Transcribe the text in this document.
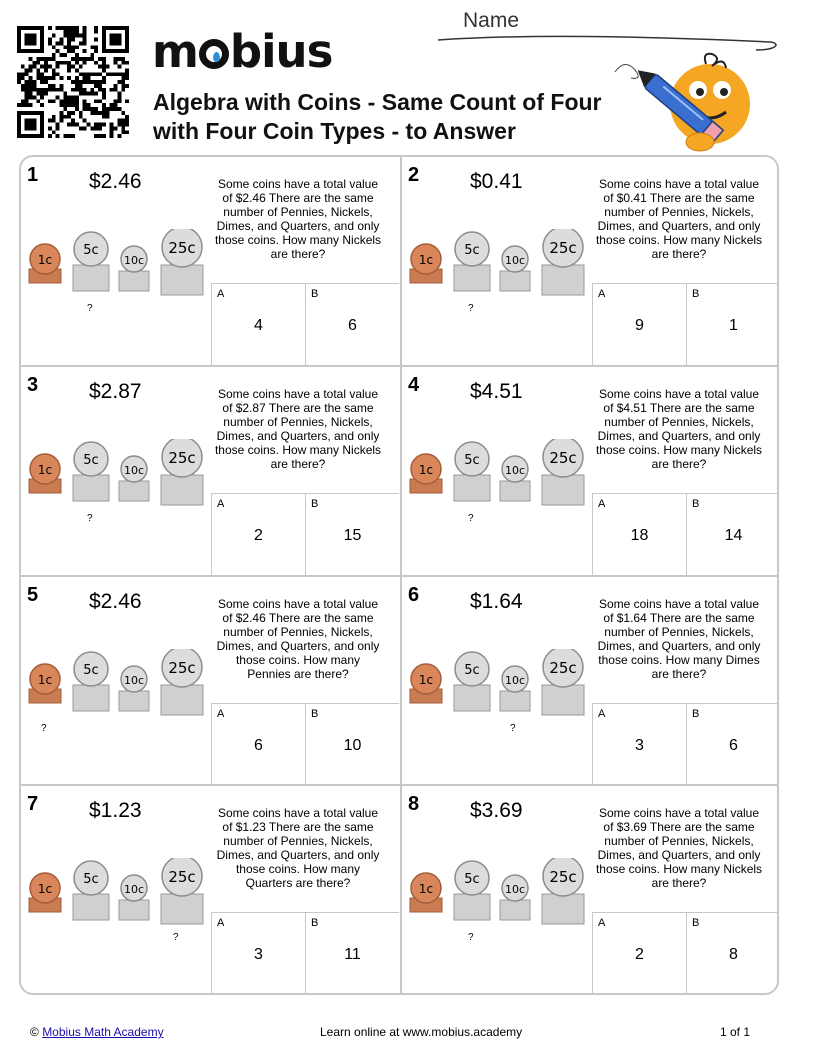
m bius
Algebra with Coins - Same Count of Four
with Four Coin Types - to Answer
Name
1 $2.46	Some coins have a total value of $2.46 There are the same number of Pennies, Nickels, Dimes, and Quarters, and only those coins. How many Nickels are there?
1c
5c
10c
25c
?
A
4
B
6
2 $0.41	Some coins have a total value of $0.41 There are the same number of Pennies, Nickels, Dimes, and Quarters, and only those coins. How many Nickels are there?
1c
5c
10c
25c
?
A
9
B
1
3 $2.87	Some coins have a total value of $2.87 There are the same number of Pennies, Nickels, Dimes, and Quarters, and only those coins. How many Nickels are there?
1c
5c
10c
25c
?
A
2
B
15
4 $4.51	Some coins have a total value of $4.51 There are the same number of Pennies, Nickels, Dimes, and Quarters, and only those coins. How many Nickels are there?
1c
5c
10c
25c
?
A
18
B
14
5 $2.46	Some coins have a total value of $2.46 There are the same number of Pennies, Nickels, Dimes, and Quarters, and only those coins. How many Pennies are there?
1c
5c
10c
25c
?
A
6
B
10
6 $1.64	Some coins have a total value of $1.64 There are the same number of Pennies, Nickels, Dimes, and Quarters, and only those coins. How many Dimes are there?
1c
5c
10c
25c
?
A
3
B
6
7 $1.23	Some coins have a total value of $1.23 There are the same number of Pennies, Nickels, Dimes, and Quarters, and only those coins. How many Quarters are there?
1c
5c
10c
25c
?
A
3
B
11
8 $3.69	Some coins have a total value of $3.69 There are the same number of Pennies, Nickels, Dimes, and Quarters, and only those coins. How many Nickels are there?
1c
5c
10c
25c
?
A
2
B
8
© Mobius Math Academy	Learn online at www.mobius.academy	1 of 1
